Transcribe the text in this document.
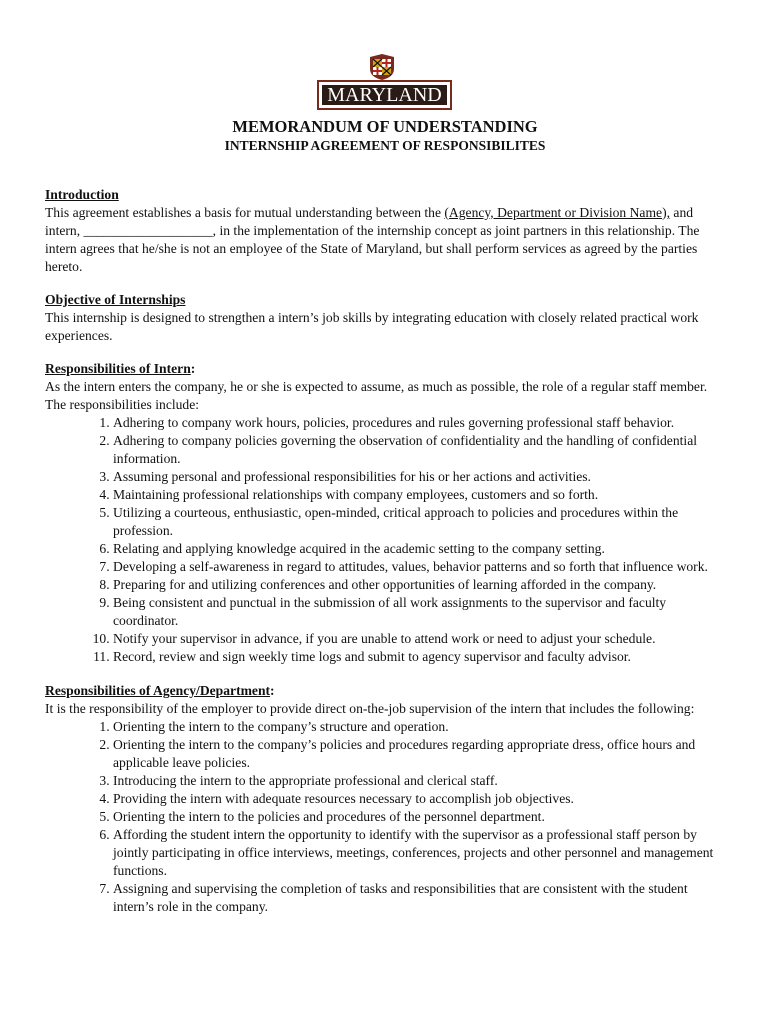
MARYLAND
MEMORANDUM OF UNDERSTANDING
INTERNSHIP AGREEMENT OF RESPONSIBILITES

Introduction

This agreement establishes a basis for mutual understanding between the (Agency, Department or Division Name), and intern, ___________________, in the implementation of the internship concept as joint partners in this relationship. The intern agrees that he/she is not an employee of the State of Maryland, but shall perform services as agreed by the parties hereto.

Objective of Internships

This internship is designed to strengthen a intern’s job skills by integrating education with closely related practical work experiences.

Responsibilities of Intern:

As the intern enters the company, he or she is expected to assume, as much as possible, the role of a regular staff member. The responsibilities include:

1. Adhering to company work hours, policies, procedures and rules governing professional staff behavior.
2. Adhering to company policies governing the observation of confidentiality and the handling of confidential information.
3. Assuming personal and professional responsibilities for his or her actions and activities.
4. Maintaining professional relationships with company employees, customers and so forth.
5. Utilizing a courteous, enthusiastic, open-minded, critical approach to policies and procedures within the profession.
6. Relating and applying knowledge acquired in the academic setting to the company setting.
7. Developing a self-awareness in regard to attitudes, values, behavior patterns and so forth that influence work.
8. Preparing for and utilizing conferences and other opportunities of learning afforded in the company.
9. Being consistent and punctual in the submission of all work assignments to the supervisor and faculty coordinator.
10. Notify your supervisor in advance, if you are unable to attend work or need to adjust your schedule.
11. Record, review and sign weekly time logs and submit to agency supervisor and faculty advisor.

Responsibilities of Agency/Department:

It is the responsibility of the employer to provide direct on-the-job supervision of the intern that includes the following:

1. Orienting the intern to the company’s structure and operation.
2. Orienting the intern to the company’s policies and procedures regarding appropriate dress, office hours and applicable leave policies.
3. Introducing the intern to the appropriate professional and clerical staff.
4. Providing the intern with adequate resources necessary to accomplish job objectives.
5. Orienting the intern to the policies and procedures of the personnel department.
6. Affording the student intern the opportunity to identify with the supervisor as a professional staff person by jointly participating in office interviews, meetings, conferences, projects and other personnel and management functions.
7. Assigning and supervising the completion of tasks and responsibilities that are consistent with the student intern’s role in the company.
